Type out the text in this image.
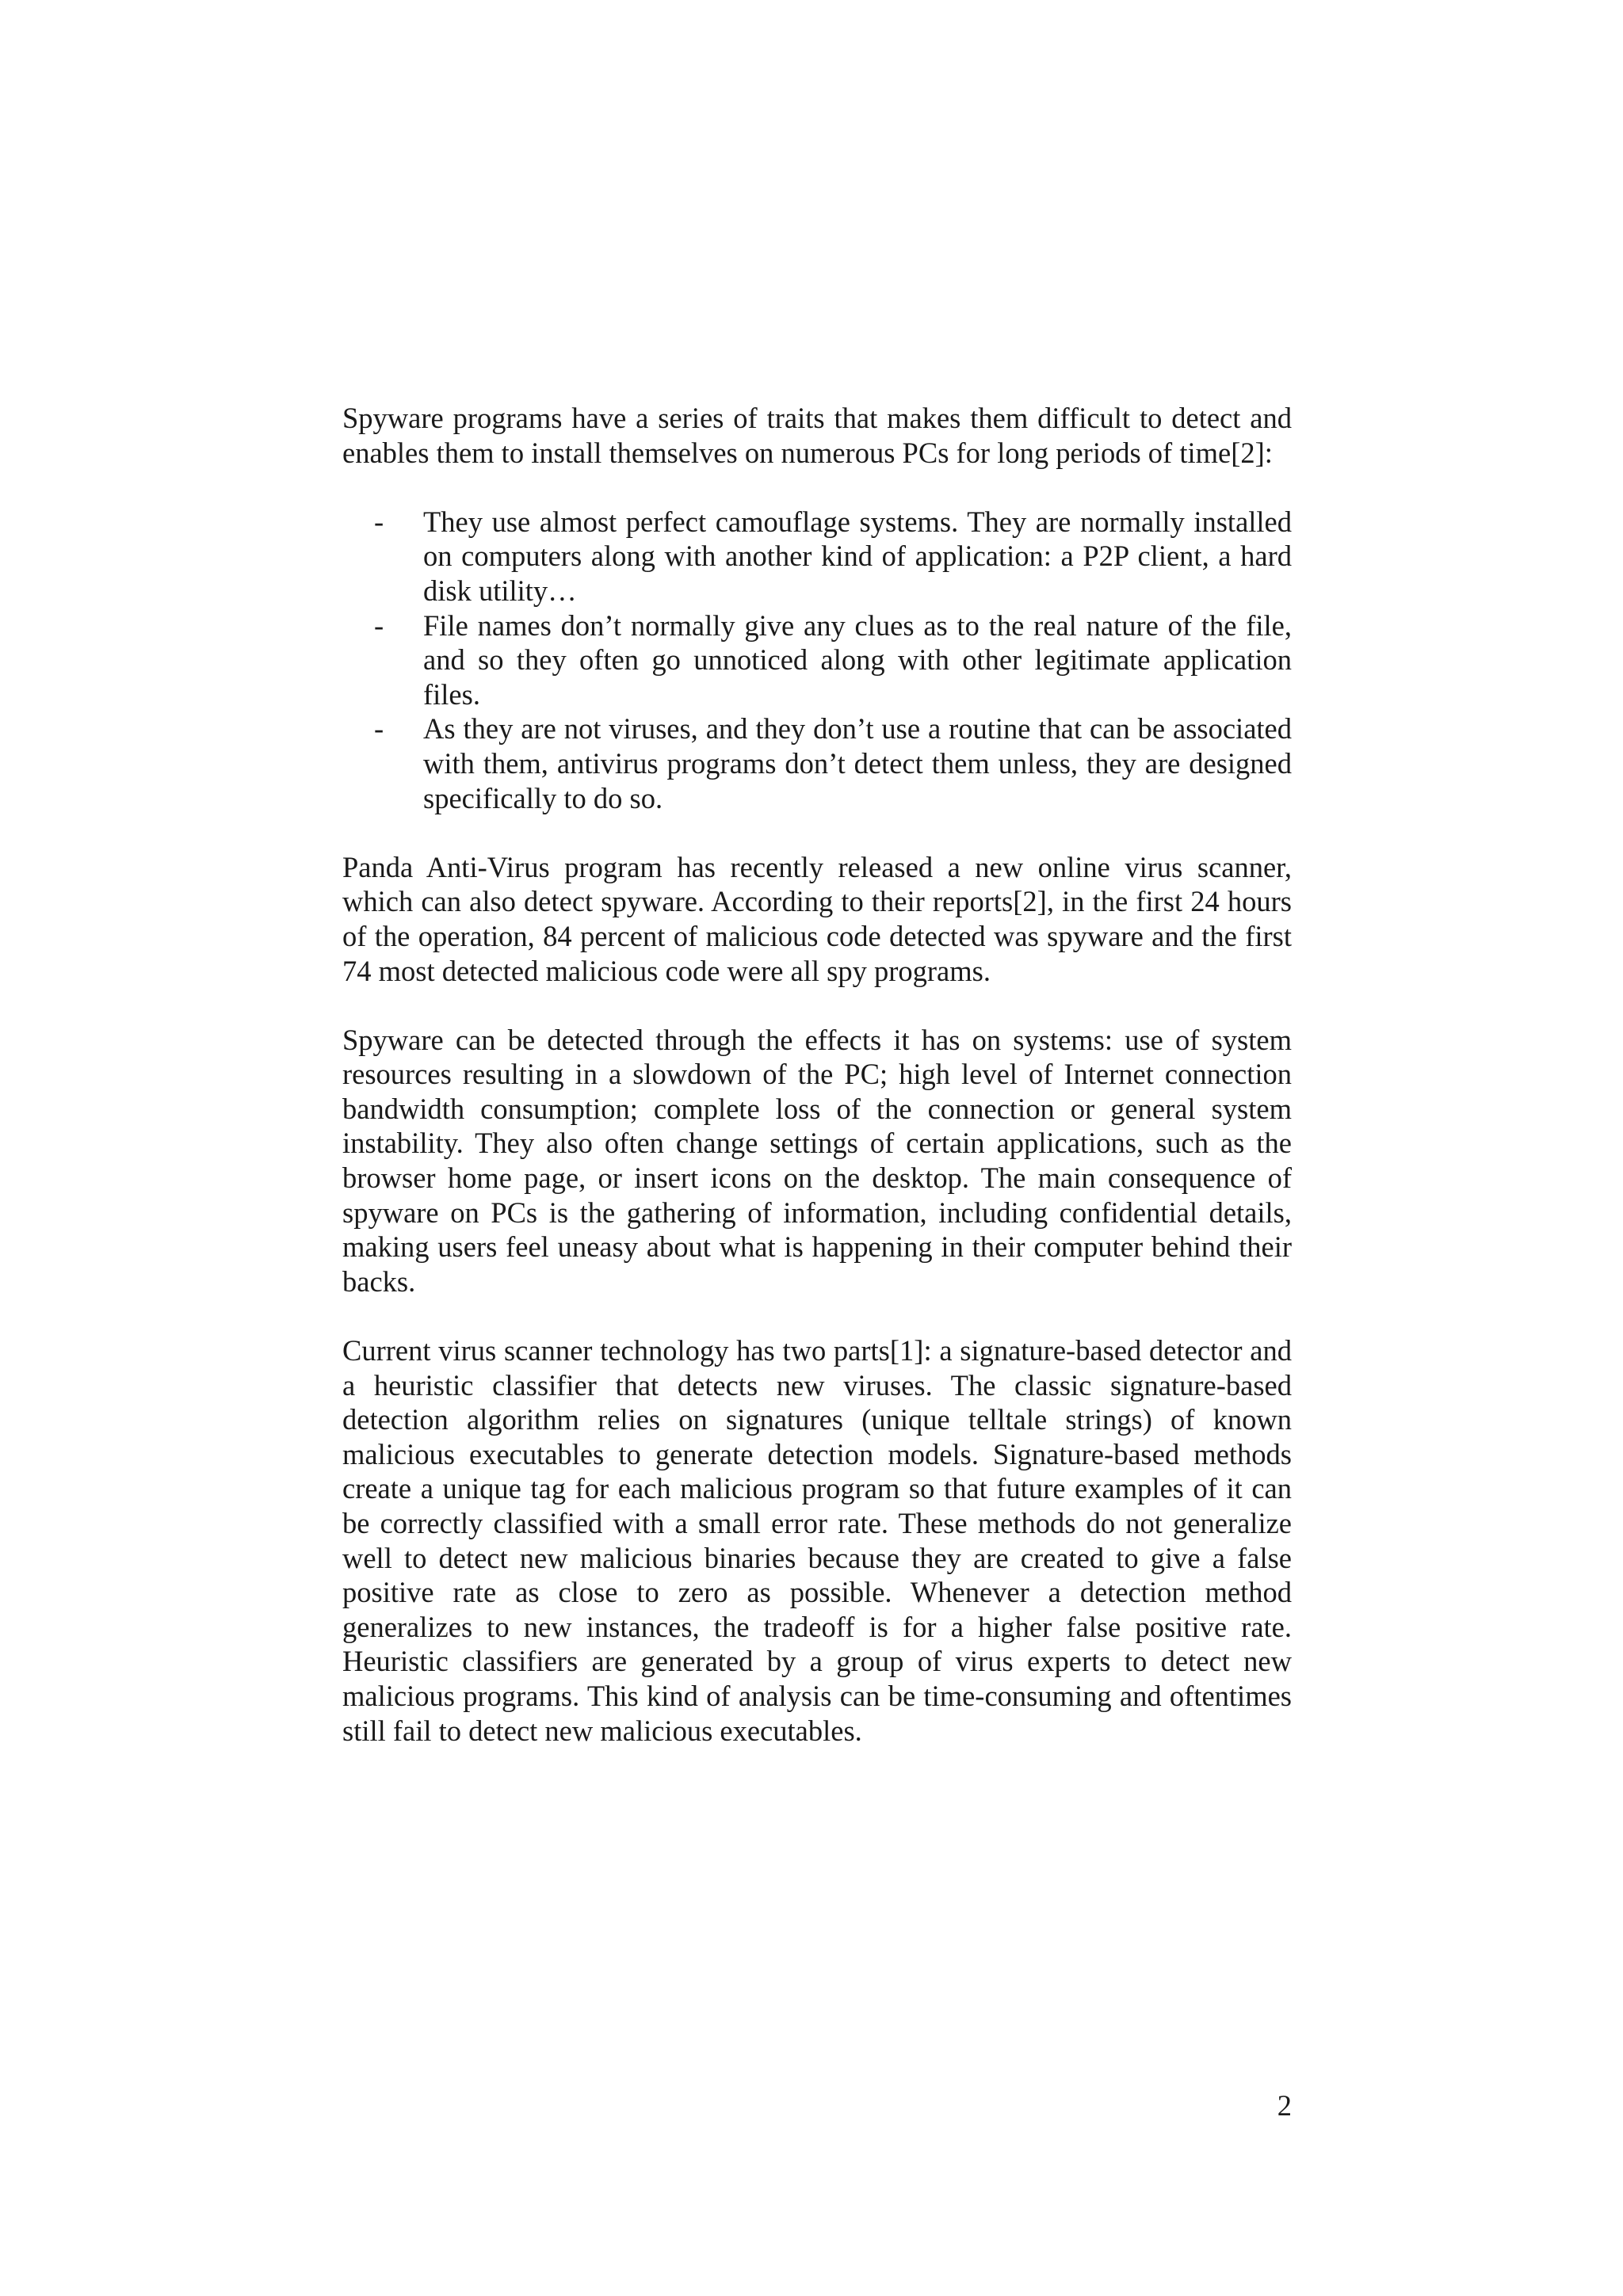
Spyware programs have a series of traits that makes them difficult to detect and enables them to install themselves on numerous PCs for long periods of time[2]:

- They use almost perfect camouflage systems. They are normally installed on computers along with another kind of application: a P2P client, a hard disk utility…
- File names don’t normally give any clues as to the real nature of the file, and so they often go unnoticed along with other legitimate application files.
- As they are not viruses, and they don’t use a routine that can be associated with them, antivirus programs don’t detect them unless, they are designed specifically to do so.

Panda Anti-Virus program has recently released a new online virus scanner, which can also detect spyware. According to their reports[2], in the first 24 hours of the operation, 84 percent of malicious code detected was spyware and the first 74 most detected malicious code were all spy programs.

Spyware can be detected through the effects it has on systems: use of system resources resulting in a slowdown of the PC; high level of Internet connection bandwidth consumption; complete loss of the connection or general system instability. They also often change settings of certain applications, such as the browser home page, or insert icons on the desktop. The main consequence of spyware on PCs is the gathering of information, including confidential details, making users feel uneasy about what is happening in their computer behind their backs.

Current virus scanner technology has two parts[1]: a signature-based detector and a heuristic classifier that detects new viruses. The classic signature-based detection algorithm relies on signatures (unique telltale strings) of known malicious executables to generate detection models. Signature-based methods create a unique tag for each malicious program so that future examples of it can be correctly classified with a small error rate. These methods do not generalize well to detect new malicious binaries because they are created to give a false positive rate as close to zero as possible. Whenever a detection method generalizes to new instances, the tradeoff is for a higher false positive rate. Heuristic classifiers are generated by a group of virus experts to detect new malicious programs. This kind of analysis can be time-consuming and oftentimes still fail to detect new malicious executables.

2
